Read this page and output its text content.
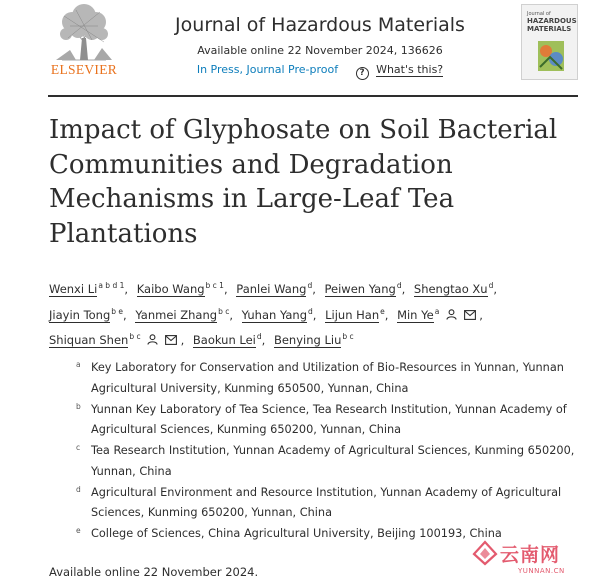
ELSEVIER
Journal of Hazardous Materials
Available online 22 November 2024, 136626
In Press, Journal Pre-proof	? What's this?
Journal of
HAZARDOUS
MATERIALS
Impact of Glyphosate on Soil Bacterial Communities and Degradation Mechanisms in Large-Leaf Tea Plantations
Wenxi $Li^{a b d 1}$, Kaibo Wang$^{b c 1}$, Panlei Wang$^d$, Peiwen Yang$^d$, Shengtao Xu$^d$,
Jiayin Tong$^{b e}$, Yanmei Zhang$^{b c}$, Yuhan Yang$^d$, Lijun Han$^e$, Min Ye$^a$	,
Shiquan Shen$^{b c}$	, Baokun Lei$^d$, Benying Liu$^{b c}$
a Key Laboratory for Conservation and Utilization of Bio-Resources in Yunnan, Yunnan Agricultural University, Kunming 650500, Yunnan, China
b Yunnan Key Laboratory of Tea Science, Tea Research Institution, Yunnan Academy of Agricultural Sciences, Kunming 650200, Yunnan, China
c Tea Research Institution, Yunnan Academy of Agricultural Sciences, Kunming 650200, Yunnan, China
d Agricultural Environment and Resource Institution, Yunnan Academy of Agricultural Sciences, Kunming 650200, Yunnan, China
e College of Sciences, China Agricultural University, Beijing 100193, China
Available online 22 November 2024.
云南网
YUNNAN.CN
